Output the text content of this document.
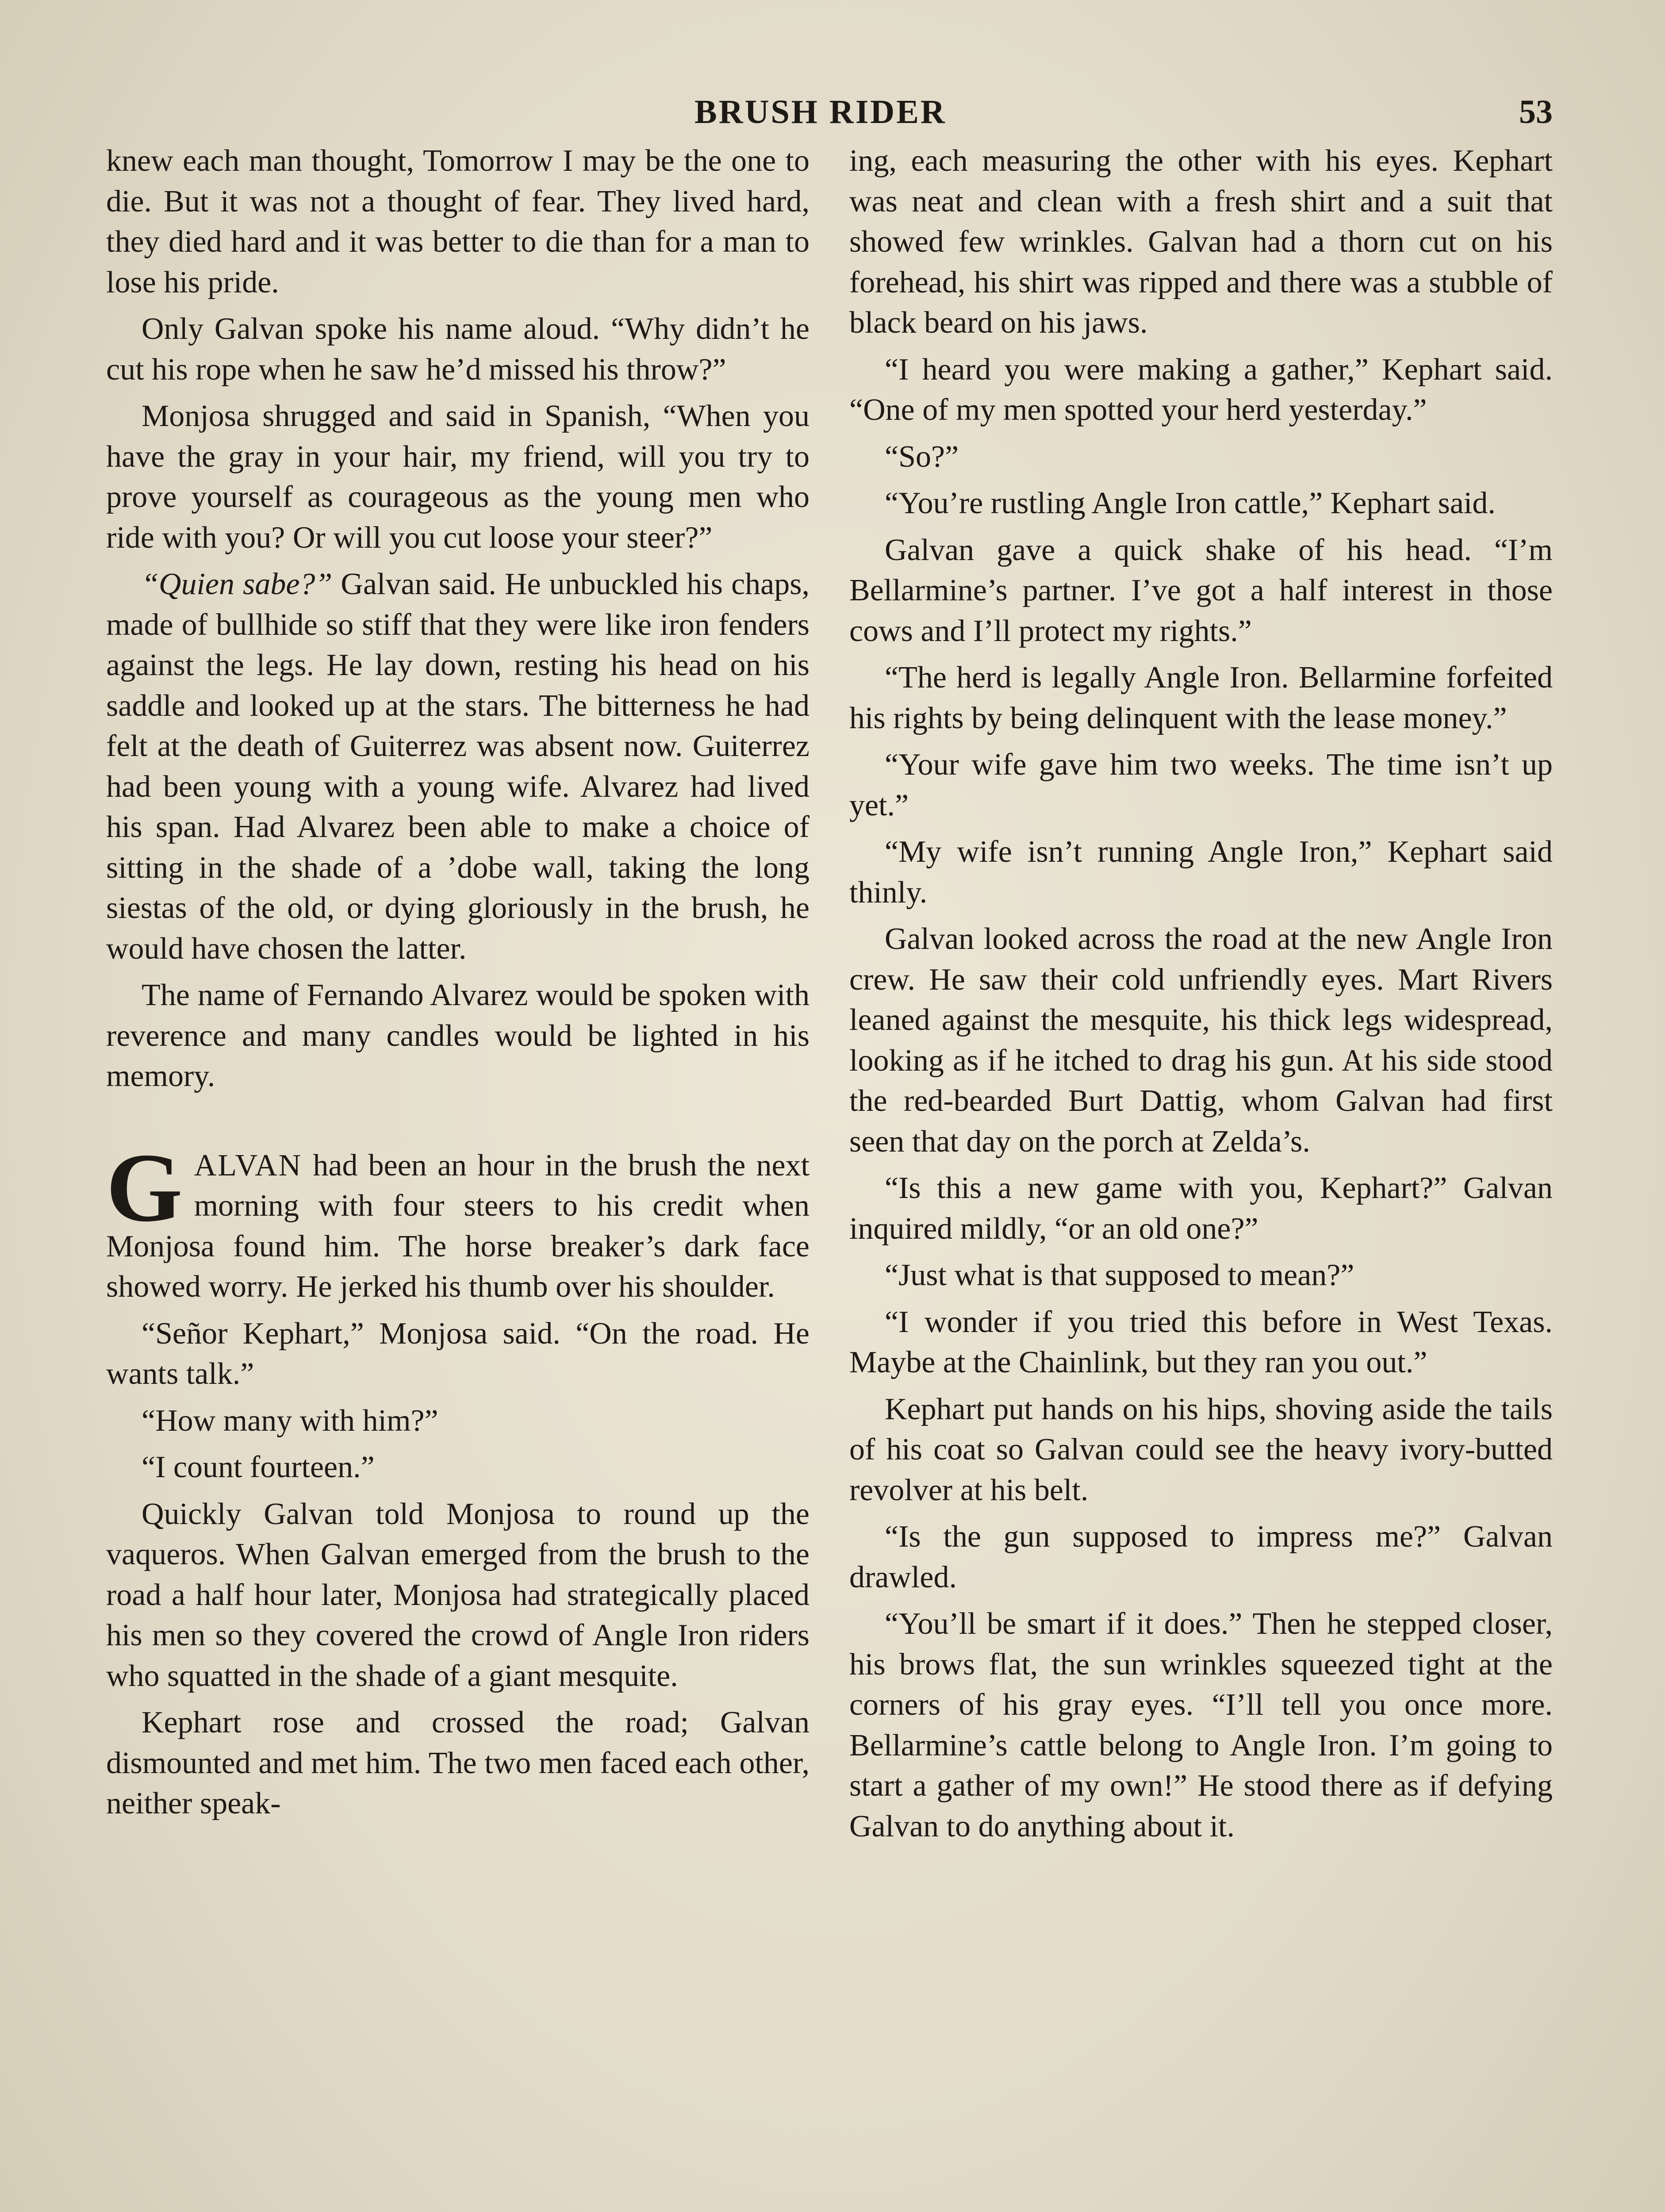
BRUSH RIDER	53

knew each man thought, Tomorrow I may be the one to die. But it was not a thought of fear. They lived hard, they died hard and it was better to die than for a man to lose his pride.

Only Galvan spoke his name aloud. “Why didn’t he cut his rope when he saw he’d missed his throw?”

Monjosa shrugged and said in Spanish, “When you have the gray in your hair, my friend, will you try to prove yourself as courageous as the young men who ride with you? Or will you cut loose your steer?”

“Quien sabe?” Galvan said. He unbuckled his chaps, made of bullhide so stiff that they were like iron fenders against the legs. He lay down, resting his head on his saddle and looked up at the stars. The bitterness he had felt at the death of Guiterrez was absent now. Guiterrez had been young with a young wife. Alvarez had lived his span. Had Alvarez been able to make a choice of sitting in the shade of a ’dobe wall, taking the long siestas of the old, or dying gloriously in the brush, he would have chosen the latter.

The name of Fernando Alvarez would be spoken with reverence and many candles would be lighted in his memory.

GALVAN had been an hour in the brush the next morning with four steers to his credit when Monjosa found him. The horse breaker’s dark face showed worry. He jerked his thumb over his shoulder.

“Señor Kephart,” Monjosa said. “On the road. He wants talk.”

“How many with him?”

“I count fourteen.”

Quickly Galvan told Monjosa to round up the vaqueros. When Galvan emerged from the brush to the road a half hour later, Monjosa had strategically placed his men so they covered the crowd of Angle Iron riders who squatted in the shade of a giant mesquite.

Kephart rose and crossed the road; Galvan dismounted and met him. The two men faced each other, neither speak-

ing, each measuring the other with his eyes. Kephart was neat and clean with a fresh shirt and a suit that showed few wrinkles. Galvan had a thorn cut on his forehead, his shirt was ripped and there was a stubble of black beard on his jaws.

“I heard you were making a gather,” Kephart said. “One of my men spotted your herd yesterday.”

“So?”

“You’re rustling Angle Iron cattle,” Kephart said.

Galvan gave a quick shake of his head. “I’m Bellarmine’s partner. I’ve got a half interest in those cows and I’ll protect my rights.”

“The herd is legally Angle Iron. Bellarmine forfeited his rights by being delinquent with the lease money.”

“Your wife gave him two weeks. The time isn’t up yet.”

“My wife isn’t running Angle Iron,” Kephart said thinly.

Galvan looked across the road at the new Angle Iron crew. He saw their cold unfriendly eyes. Mart Rivers leaned against the mesquite, his thick legs widespread, looking as if he itched to drag his gun. At his side stood the red-bearded Burt Dattig, whom Galvan had first seen that day on the porch at Zelda’s.

“Is this a new game with you, Kephart?” Galvan inquired mildly, “or an old one?”

“Just what is that supposed to mean?”

“I wonder if you tried this before in West Texas. Maybe at the Chainlink, but they ran you out.”

Kephart put hands on his hips, shoving aside the tails of his coat so Galvan could see the heavy ivory-butted revolver at his belt.

“Is the gun supposed to impress me?” Galvan drawled.

“You’ll be smart if it does.” Then he stepped closer, his brows flat, the sun wrinkles squeezed tight at the corners of his gray eyes. “I’ll tell you once more. Bellarmine’s cattle belong to Angle Iron. I’m going to start a gather of my own!” He stood there as if defying Galvan to do anything about it.
